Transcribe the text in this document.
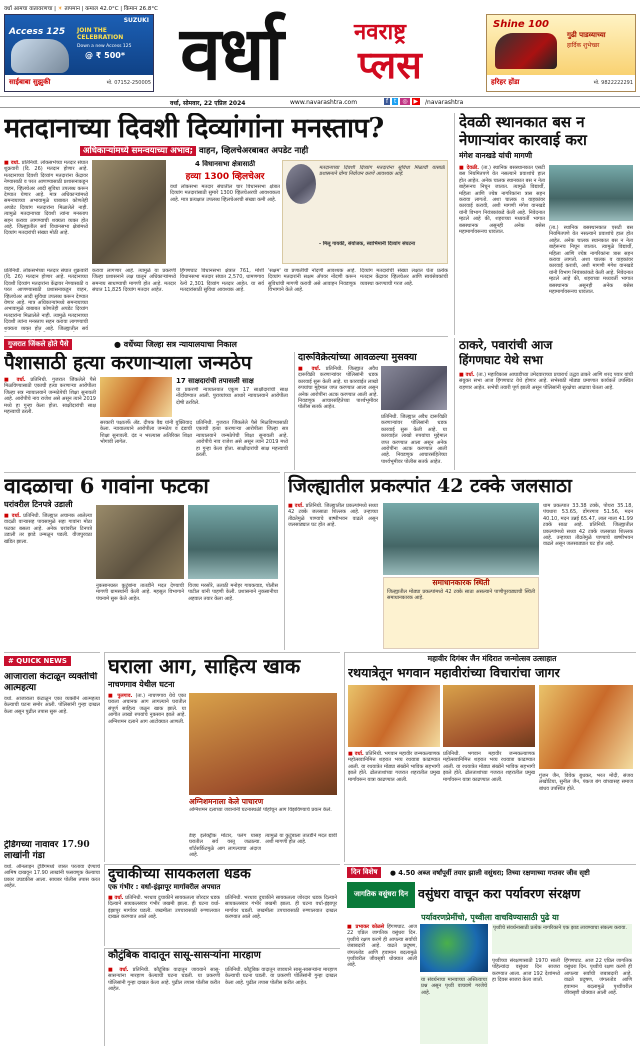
वर्धा आमचा वातावरणचा | ☀ तापमान | कमाल 42.0°C | किमान 26.8°C
SUZUKI
Access 125 JOIN THE
CELEBRATION
Down a new Access 125
@ ₹ 500*
साईबाबा सुझुकी	मो. 07152-250005 वर्धा	नवराष्ट्र
प्लस
Shine 100
गुढी पाडव्याच्या
हार्दिक शुभेच्छा
हरिहर होंडा	मो. 9822222291
वर्धा, सोमवार, 22 एप्रिल 2024	www.navarashtra.com	f t ◎ ▶	/navarashtra
मतदानाच्या दिवशी दिव्यांगांना मनस्ताप?
अधिकाऱ्यांमध्ये समन्वयाच्या अभाव; वाहन, व्हिलचेअरबाबत अपडेट नाही

■ वर्धा. प्रतिनिधी. लोकसभेच्या मतदार संघात शुक्रवारी (दि. 26) मतदान होणार आहे. मतदानाच्या दिवशी दिव्यांग मतदारांना केंद्रावर नेण्यासाठी व परत आणण्यासाठी प्रशासनाकडून वाहन, व्हिलचेअर आदी सुविधा उपलब्ध करून देण्यात येणार आहे. मात्र अधिकाऱ्यांमध्ये समन्वयाच्या अभावामुळे याबाबत कोणतेही अपडेट दिव्यांग मतदारांना मिळालेले नाही. त्यामुळे मतदानाच्या दिवशी त्यांना मनस्ताप सहन करावा लागण्याची शक्यता व्यक्त होत आहे. जिल्ह्यातील सर्व विधानसभा क्षेत्रांमध्ये दिव्यांग मतदारांची संख्या मोठी आहे.

4 विधानसभा क्षेत्रासाठी
हव्या 1300 व्हिलचेअर
वर्धा लोकसभा मतदार संघातील चार विधानसभा क्षेत्रात दिव्यांग मतदारांसाठी सुमारे 1300 व्हिलचेअरची आवश्यकता आहे. मात्र प्रत्यक्षात उपलब्ध व्हिलचेअरची संख्या कमी आहे.
मतदानाच्या दिवशी दिव्यांग मतदारांना सुविधा मिळावी यासाठी प्रशासनाने योग्य नियोजन करणे आवश्यक आहे.
- मिलू गायकी, संयोजक, स्वाभिमानी दिव्यांग संघटना
करावा लागणार आहे. त्यामुळे या प्रकरणी जिल्हा प्रशासनाने लक्ष घालून अधिकाऱ्यांमध्ये समन्वय साधण्याची मागणी होत आहे. मतदार संघात 11,825 दिव्यांग मतदार आहेत.
हिंगणघाट विधानसभा क्षेत्रात 761, मोर्शी विधानसभा मतदार संघात 2,570, धामणगाव रेल्वे 2,301 दिव्यांग मतदार आहेत. या सर्व मतदारांसाठी सुविधा आवश्यक आहे.
'सक्षम' या प्रणालीची नोंदणी आवश्यक आहे. दिव्यांग मतदारांनी सक्षम अ‍ॅपवर नोंदणी करून सुविधांची मागणी करावी असे आवाहन निवडणूक विभागाने केले आहे.
दिव्यांग मतदारांची संख्या लक्षात घेता प्रत्येक मतदान केंद्रावर व्हिलचेअर आणि स्वयंसेवकांची व्यवस्था करण्याची गरज आहे.
प्रतिनिधी. लोकसभेच्या मतदार संघात शुक्रवारी (दि. 26) मतदान होणार आहे. मतदानाच्या दिवशी दिव्यांग मतदारांना केंद्रावर नेण्यासाठी व परत आणण्यासाठी प्रशासनाकडून वाहन, व्हिलचेअर आदी सुविधा उपलब्ध करून देण्यात येणार आहे. मात्र अधिकाऱ्यांमध्ये समन्वयाच्या अभावामुळे याबाबत कोणतेही अपडेट दिव्यांग मतदारांना मिळालेले नाही. त्यामुळे मतदानाच्या दिवशी त्यांना मनस्ताप सहन करावा लागण्याची शक्यता व्यक्त होत आहे. जिल्ह्यातील सर्व
देवळी स्थानकात बस न
नेणाऱ्यांवर कारवाई करा
मंगेश वानखडे यांची मागणी

■ देवळी. (ता.) स्थानिक बसस्थानकात एसटी बस नियमितपणे येत नसल्याने प्रवाशांचे हाल होत आहेत. अनेक चालक स्थानकात बस न नेता बाहेरूनच निघून जातात. त्यामुळे विद्यार्थी, महिला आणि ज्येष्ठ नागरिकांना त्रास सहन करावा लागतो. अशा चालक व वाहकांवर कारवाई करावी, अशी मागणी मंगेश वानखडे यांनी विभाग नियंत्रकांकडे केली आहे. निवेदनात म्हटले आहे की, शहराच्या मध्यवर्ती भागात बसस्थानक असूनही अनेक बसेस महामार्गावरूनच धावतात.

(ता.) स्थानिक बसस्थानकात एसटी बस नियमितपणे येत नसल्याने प्रवाशांचे हाल होत आहेत. अनेक चालक स्थानकात बस न नेता बाहेरूनच निघून जातात. त्यामुळे विद्यार्थी, महिला आणि ज्येष्ठ नागरिकांना त्रास सहन करावा लागतो. अशा चालक व वाहकांवर कारवाई करावी, अशी मागणी मंगेश वानखडे यांनी विभाग नियंत्रकांकडे केली आहे. निवेदनात म्हटले आहे की, शहराच्या मध्यवर्ती भागात बसस्थानक असूनही अनेक बसेस महामार्गावरूनच धावतात.
गुजरात जिंकले होते पैसे	● वर्धेच्या जिल्हा सत्र न्यायालयाचा निकाल
पैशासाठी हत्या करणाऱ्याला जन्मठेप

■ वर्धा. प्रतिनिधी. गुजरात जिंकलेले पैसे मिळविण्यासाठी एकाची हत्या करणाऱ्या आरोपीला जिल्हा सत्र न्यायालयाने जन्मठेपेची शिक्षा सुनावली आहे. आरोपीचे नाव राजेश असे असून त्याने 2019 मध्ये हा गुन्हा केला होता. साक्षीदारांची साक्ष महत्त्वाची ठरली.

17 साक्षदारांची तपासली साक्ष
या प्रकरणी न्यायालयात एकूण 17 साक्षीदारांची साक्ष नोंदविण्यात आली. पुराव्यांच्या आधारे न्यायालयाने आरोपीला दोषी ठरविले.
सरकारी पक्षातर्फे अ‍ॅड. दीपक वैद्य यांनी युक्तिवाद केला. न्यायालयाने आरोपीला जन्मठेप व दंडाची शिक्षा सुनावली. दंड न भरल्यास अतिरिक्त शिक्षा भोगावी लागेल.
प्रतिनिधी. गुजरात जिंकलेले पैसे मिळविण्यासाठी एकाची हत्या करणाऱ्या आरोपीला जिल्हा सत्र न्यायालयाने जन्मठेपेची शिक्षा सुनावली आहे. आरोपीचे नाव राजेश असे असून त्याने 2019 मध्ये हा गुन्हा केला होता. साक्षीदारांची साक्ष महत्त्वाची ठरली.
दारूविक्रेत्यांच्या आवळल्या मुसक्या

■ वर्धा. प्रतिनिधी. जिल्ह्यात अवैध दारूविक्री करणाऱ्यांवर पोलिसांनी धडक कारवाई सुरू केली आहे. या कारवाईत लाखो रुपयांचा मुद्देमाल जप्त करण्यात आला असून अनेक आरोपींना अटक करण्यात आली आहे. निवडणूक आचारसंहितेच्या पार्श्वभूमीवर पोलीस सतर्क आहेत.

प्रतिनिधी. जिल्ह्यात अवैध दारूविक्री करणाऱ्यांवर पोलिसांनी धडक कारवाई सुरू केली आहे. या कारवाईत लाखो रुपयांचा मुद्देमाल जप्त करण्यात आला असून अनेक आरोपींना अटक करण्यात आली आहे. निवडणूक आचारसंहितेच्या पार्श्वभूमीवर पोलीस सतर्क आहेत.
ठाकरे, पवारांची आज
हिंगणघाट येथे सभा

■ वर्धा. (ता.) महाविकास आघाडीच्या उमेदवाराच्या प्रचारार्थ उद्धव ठाकरे आणि शरद पवार यांची संयुक्त सभा आज हिंगणघाट येथे होणार आहे. सभेसाठी मोठ्या प्रमाणात कार्यकर्ते उपस्थित राहणार आहेत. सभेची तयारी पूर्ण झाली असून पोलिसांनी सुरक्षेचा आढावा घेतला आहे.

वादळाचा 6 गावांना फटका
घरांवरील टिनपत्रे उडाली

■ वर्धा. प्रतिनिधी. जिल्ह्यात अचानक आलेल्या वादळी वाऱ्यासह पावसामुळे सहा गावांना मोठा फटका बसला आहे. अनेक घरांवरील टिनपत्रे उडाली तर झाडे उन्मळून पडली. वीजपुरवठा खंडित झाला.

नुकसानग्रस्त कुटुंबांना तातडीने मदत देण्याची मागणी ग्रामस्थांनी केली आहे. महसूल विभागाने पंचनामे सुरू केले आहेत.
विजय मरसोरे, तलाठी मनोहर गायकवाड, पोलीस पाटील यांनी पाहणी केली. प्रशासनाने नुकसानीचा अहवाल तयार केला आहे.
जिल्ह्यातील प्रकल्पांत 42 टक्के जलसाठा

■ वर्धा. प्रतिनिधी. जिल्ह्यातील प्रकल्पांमध्ये सध्या 42 टक्के जलसाठा शिल्लक आहे. उन्हाच्या तीव्रतेमुळे पाण्याचे बाष्पीभवन वाढले असून जलसाठ्यात घट होत आहे.

समाधानकारक स्थिती
जिल्ह्यातील मोठ्या प्रकल्पांमध्ये 42 टक्के साठा असल्याने पाणीपुरवठ्याची स्थिती समाधानकारक आहे.
धाम प्रकल्पात 33.38 टक्के, पोथरा 35.18, पंचधारा 53.65, डोंगरगाव 51.56, मदन 40.10, मदन उन्नई 65.47, लाल नाला 41.99 टक्के साठा आहे. प्रतिनिधी. जिल्ह्यातील प्रकल्पांमध्ये सध्या 42 टक्के जलसाठा शिल्लक आहे. उन्हाच्या तीव्रतेमुळे पाण्याचे बाष्पीभवन वाढले असून जलसाठ्यात घट होत आहे.
# QUICK NEWS
आजाराला कंटाळून व्यक्तीची आत्महत्या
वर्धा. आजाराला कंटाळून एका व्यक्तीने आत्महत्या केल्याची घटना समोर आली. पोलिसांनी गुन्हा दाखल केला असून पुढील तपास सुरू आहे.
ट्रेडिंगच्या नावावर 17.90 लाखांनी गंडा
वर्धा. ऑनलाइन ट्रेडिंगमध्ये जास्त परतावा देण्याचे आमिष दाखवून 17.90 लाखांनी फसवणूक केल्याचा प्रकार उघडकीस आला. सायबर पोलीस तपास करत आहेत.
घराला आग, साहित्य खाक
नाचणगाव येथील घटना

■ पुलगाव. (ता.) नाचणगाव येथे एका घराला अचानक आग लागल्याने घरातील संपूर्ण साहित्य जळून खाक झाले. या आगीत लाखो रुपयांचे नुकसान झाले आहे. अग्निशमन दलाने आग आटोक्यात आणली.

अग्निशमनाला केले पाचारण
अग्निशमन दलाच्या जवानांनी घटनास्थळी पोहोचून आग विझविण्याचे प्रयत्न केले.
डेव्ह इलेक्ट्रीक मोटार, पलंग यासह घरातील सर्व वस्तू जळाल्या. शॉर्टसर्किटमुळे आग लागल्याचा अंदाज आहे.
त्यामुळे या कुटुंबाला तातडीने मदत द्यावी अशी मागणी होत आहे.
महावीर दिगंबर जैन मंदिरात जन्मोत्सव उत्साहात
रथयात्रेतून भगवान महावीरांच्या विचारांचा जागर

■ वर्धा. प्रतिनिधी. भगवान महावीर जन्मकल्याणक महोत्सवानिमित्त शहरात भव्य रथयात्रा काढण्यात आली. या रथयात्रेत मोठ्या संख्येने भाविक सहभागी झाले होते. ढोलताशांच्या गजरात शहरातील प्रमुख मार्गांवरून यात्रा काढण्यात आली.

प्रतिनिधी. भगवान महावीर जन्मकल्याणक महोत्सवानिमित्त शहरात भव्य रथयात्रा काढण्यात आली. या रथयात्रेत मोठ्या संख्येने भाविक सहभागी झाले होते. ढोलताशांच्या गजरात शहरातील प्रमुख मार्गांवरून यात्रा काढण्यात आली.
गुंजन जैन, विवेक बुधकर, भरत मोदी, संजय लखोटिया, सुनील जैन, पंकज बंग यांच्यासह समाज बांधव उपस्थित होते.
दिन विशेष	● 4.50 अब्ज वर्षांपूर्वी तयार झाली वसुंधरा; तिच्या रक्षणाच्या गप्तवर जीव सृष्टी
दुचाकीच्या सायकलला धडक
एक गंभीर : वर्धा-इंझापूर मार्गावरील अपघात

■ वर्धा. प्रतिनिधी. भरधाव दुचाकीने सायकलला जोरदार धडक दिल्याने सायकलस्वार गंभीर जखमी झाला. ही घटना वर्धा-इंझापूर मार्गावर घडली. जखमीला उपचारासाठी रुग्णालयात दाखल करण्यात आले आहे.

प्रतिनिधी. भरधाव दुचाकीने सायकलला जोरदार धडक दिल्याने सायकलस्वार गंभीर जखमी झाला. ही घटना वर्धा-इंझापूर मार्गावर घडली. जखमीला उपचारासाठी रुग्णालयात दाखल करण्यात आले आहे.
कौटुंबिक वादातून सासू-सासऱ्यांना मारहाण

■ वर्धा. प्रतिनिधी. कौटुंबिक वादातून जावयाने सासू-सासऱ्यांना मारहाण केल्याची घटना घडली. या प्रकरणी पोलिसांनी गुन्हा दाखल केला आहे. पुढील तपास पोलीस करीत आहेत.

प्रतिनिधी. कौटुंबिक वादातून जावयाने सासू-सासऱ्यांना मारहाण केल्याची घटना घडली. या प्रकरणी पोलिसांनी गुन्हा दाखल केला आहे. पुढील तपास पोलीस करीत आहेत.
जागतिक वसुंधरा दिन वसुंधरा वाचून करा पर्यावरण संरक्षण
पर्यावरणप्रेमींचो, पृथ्वीला वाचविण्यासाठी पुढे या

■ प्रभाकर कोळसे हिंगणघाट. आज 22 एप्रिल जागतिक वसुंधरा दिन. पृथ्वीचे रक्षण करणे ही आपल्या सर्वांची जबाबदारी आहे. वाढते प्रदूषण, जंगलतोड आणि हवामान बदलामुळे पृथ्वीवरील जीवसृष्टी धोक्यात आली आहे.

या संवर्धनाचा मानवाच्या अस्तित्वाचा प्रश्न असून पृथ्वी वाचवणे गरजेचे आहे.
पृथ्वीचे संवर्धनासाठी प्रत्येक नागरिकाने एक झाड लावण्याचा संकल्प करावा.
पृथ्वीच्या संरक्षणासाठी 1970 साली पहिल्यांदा वसुंधरा दिन साजरा करण्यात आला. आज 192 देशांमध्ये हा दिवस साजरा केला जातो.
हिंगणघाट. आज 22 एप्रिल जागतिक वसुंधरा दिन. पृथ्वीचे रक्षण करणे ही आपल्या सर्वांची जबाबदारी आहे. वाढते प्रदूषण, जंगलतोड आणि हवामान बदलामुळे पृथ्वीवरील जीवसृष्टी धोक्यात आली आहे.
